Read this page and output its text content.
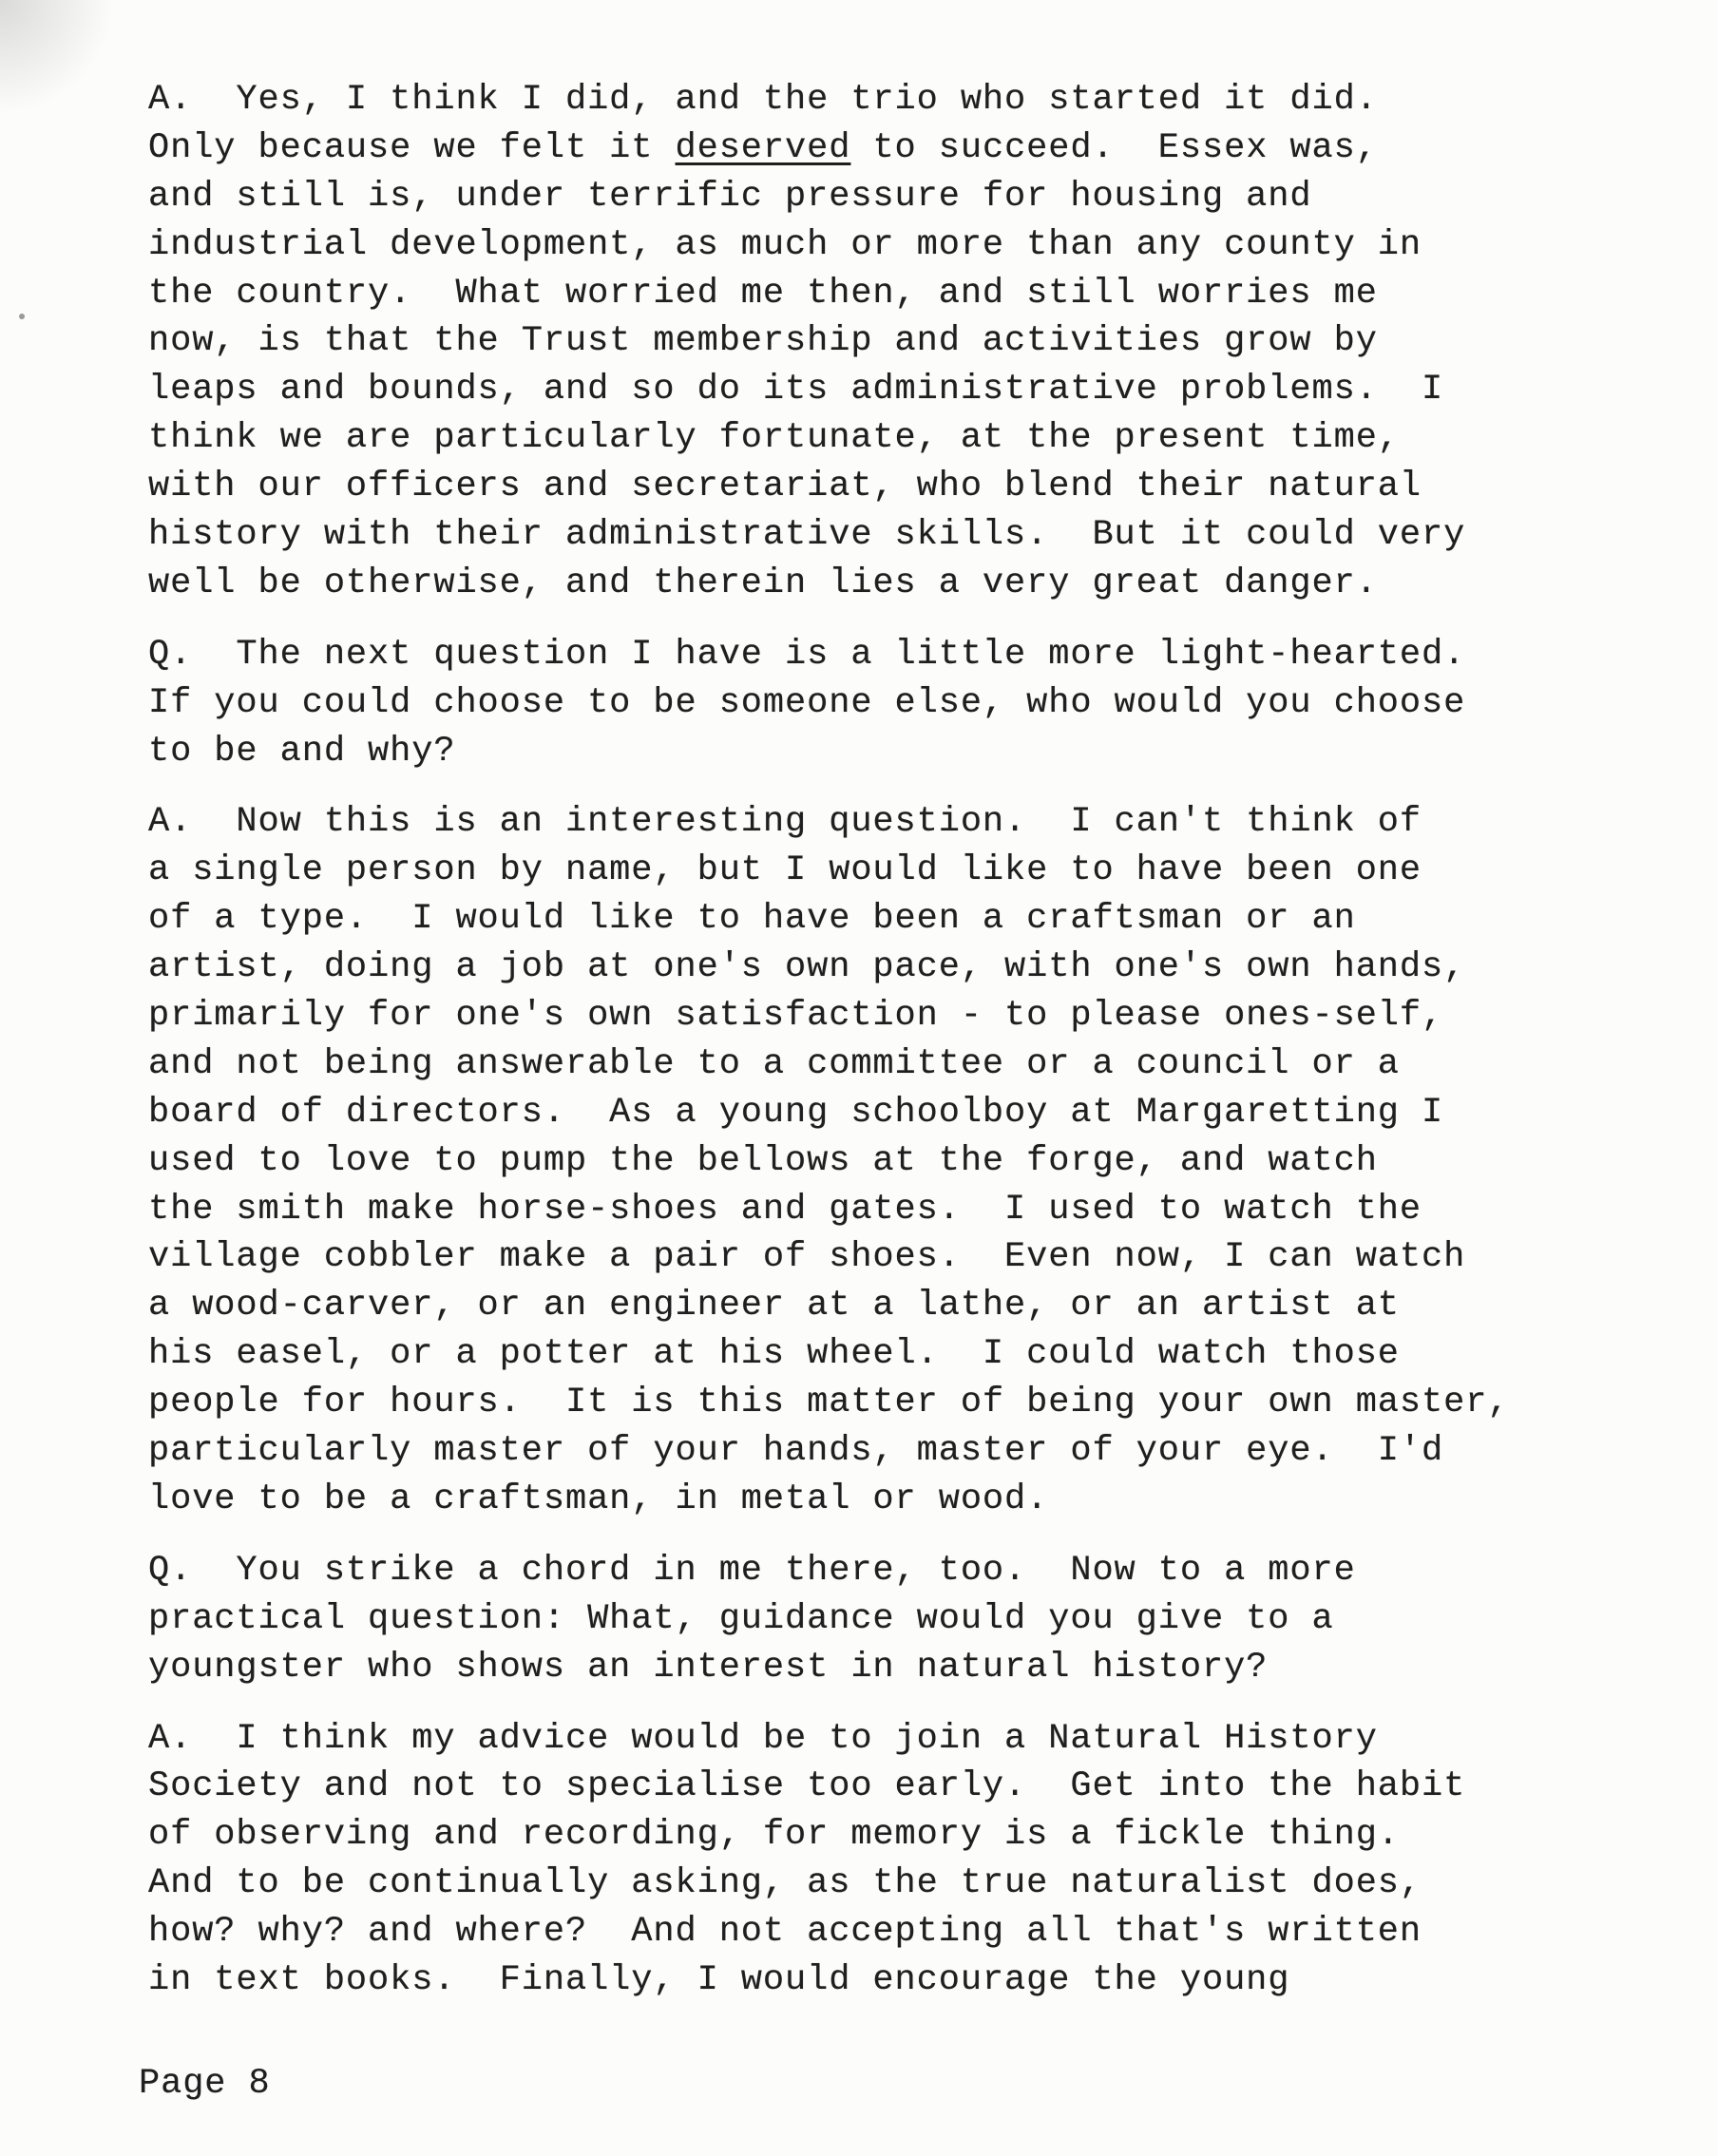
A.  Yes, I think I did, and the trio who started it did.
Only because we felt it deserved to succeed.  Essex was,
and still is, under terrific pressure for housing and
industrial development, as much or more than any county in
the country.  What worried me then, and still worries me
now, is that the Trust membership and activities grow by
leaps and bounds, and so do its administrative problems.  I
think we are particularly fortunate, at the present time,
with our officers and secretariat, who blend their natural
history with their administrative skills.  But it could very
well be otherwise, and therein lies a very great danger.
Q.  The next question I have is a little more light-hearted.
If you could choose to be someone else, who would you choose
to be and why?
A.  Now this is an interesting question.  I can't think of
a single person by name, but I would like to have been one
of a type.  I would like to have been a craftsman or an
artist, doing a job at one's own pace, with one's own hands,
primarily for one's own satisfaction - to please ones-self,
and not being answerable to a committee or a council or a
board of directors.  As a young schoolboy at Margaretting I
used to love to pump the bellows at the forge, and watch
the smith make horse-shoes and gates.  I used to watch the
village cobbler make a pair of shoes.  Even now, I can watch
a wood-carver, or an engineer at a lathe, or an artist at
his easel, or a potter at his wheel.  I could watch those
people for hours.  It is this matter of being your own master,
particularly master of your hands, master of your eye.  I'd
love to be a craftsman, in metal or wood.
Q.  You strike a chord in me there, too.  Now to a more
practical question: What, guidance would you give to a
youngster who shows an interest in natural history?
A.  I think my advice would be to join a Natural History
Society and not to specialise too early.  Get into the habit
of observing and recording, for memory is a fickle thing.
And to be continually asking, as the true naturalist does,
how? why? and where?  And not accepting all that's written
in text books.  Finally, I would encourage the young
Page 8
